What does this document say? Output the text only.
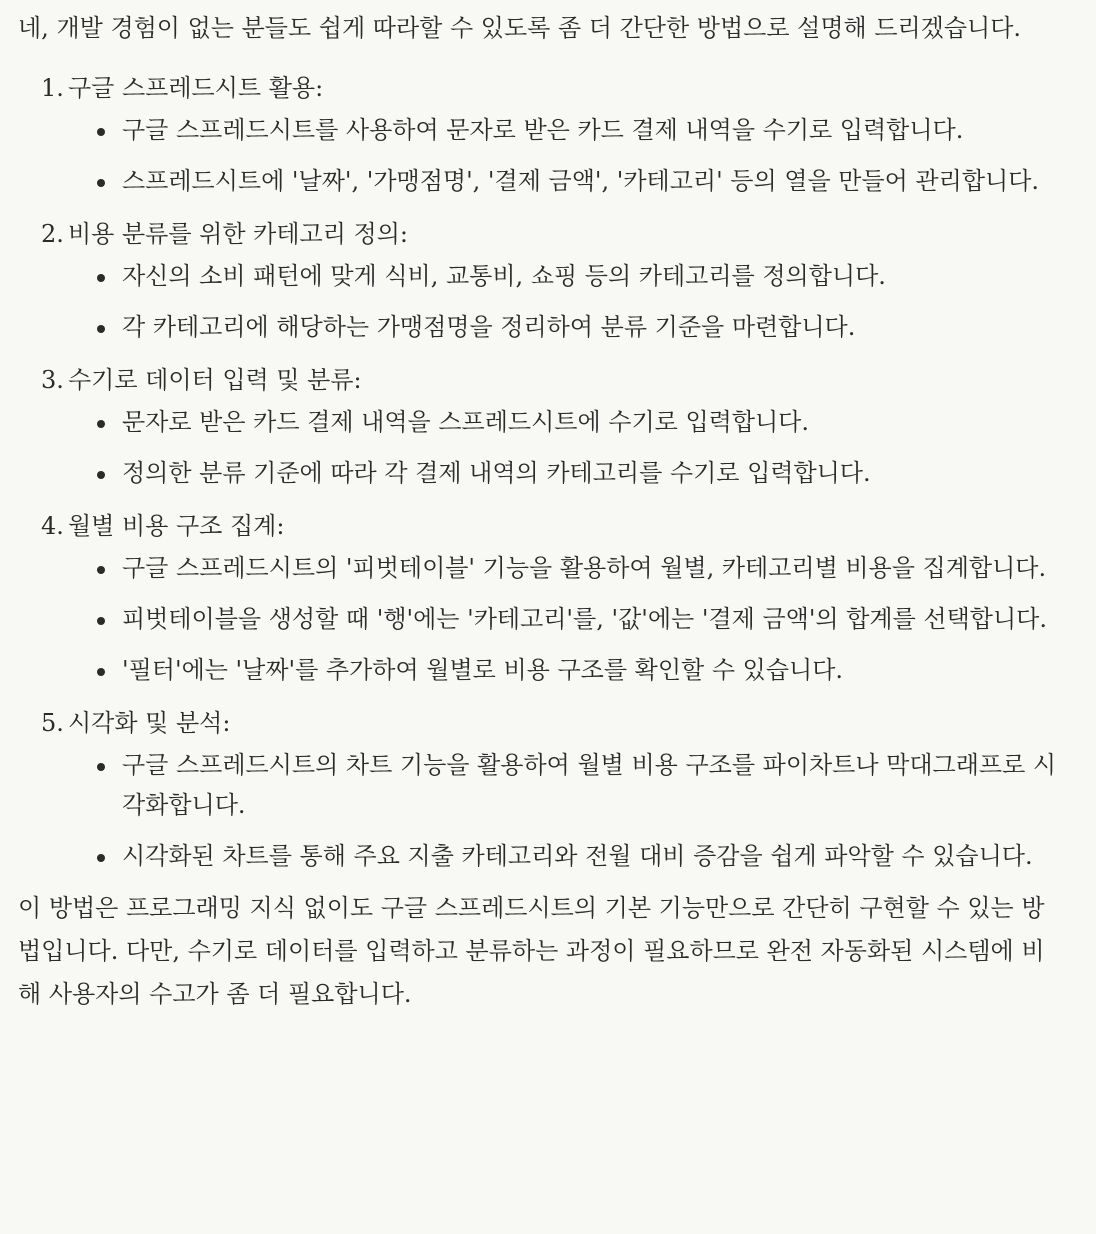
네, 개발 경험이 없는 분들도 쉽게 따라할 수 있도록 좀 더 간단한 방법으로 설명해 드리겠습니다.

1. 구글 스프레드시트 활용:
구글 스프레드시트를 사용하여 문자로 받은 카드 결제 내역을 수기로 입력합니다.
스프레드시트에 '날짜', '가맹점명', '결제 금액', '카테고리' 등의 열을 만들어 관리합니다.
2. 비용 분류를 위한 카테고리 정의:
자신의 소비 패턴에 맞게 식비, 교통비, 쇼핑 등의 카테고리를 정의합니다.
각 카테고리에 해당하는 가맹점명을 정리하여 분류 기준을 마련합니다.
3. 수기로 데이터 입력 및 분류:
문자로 받은 카드 결제 내역을 스프레드시트에 수기로 입력합니다.
정의한 분류 기준에 따라 각 결제 내역의 카테고리를 수기로 입력합니다.
4. 월별 비용 구조 집계:
구글 스프레드시트의 '피벗테이블' 기능을 활용하여 월별, 카테고리별 비용을 집계합니다.
피벗테이블을 생성할 때 '행'에는 '카테고리'를, '값'에는 '결제 금액'의 합계를 선택합니다.
'필터'에는 '날짜'를 추가하여 월별로 비용 구조를 확인할 수 있습니다.
5. 시각화 및 분석:
구글 스프레드시트의 차트 기능을 활용하여 월별 비용 구조를 파이차트나 막대그래프로 시각화합니다.
시각화된 차트를 통해 주요 지출 카테고리와 전월 대비 증감을 쉽게 파악할 수 있습니다.

이 방법은 프로그래밍 지식 없이도 구글 스프레드시트의 기본 기능만으로 간단히 구현할 수 있는 방법입니다. 다만, 수기로 데이터를 입력하고 분류하는 과정이 필요하므로 완전 자동화된 시스템에 비해 사용자의 수고가 좀 더 필요합니다.
